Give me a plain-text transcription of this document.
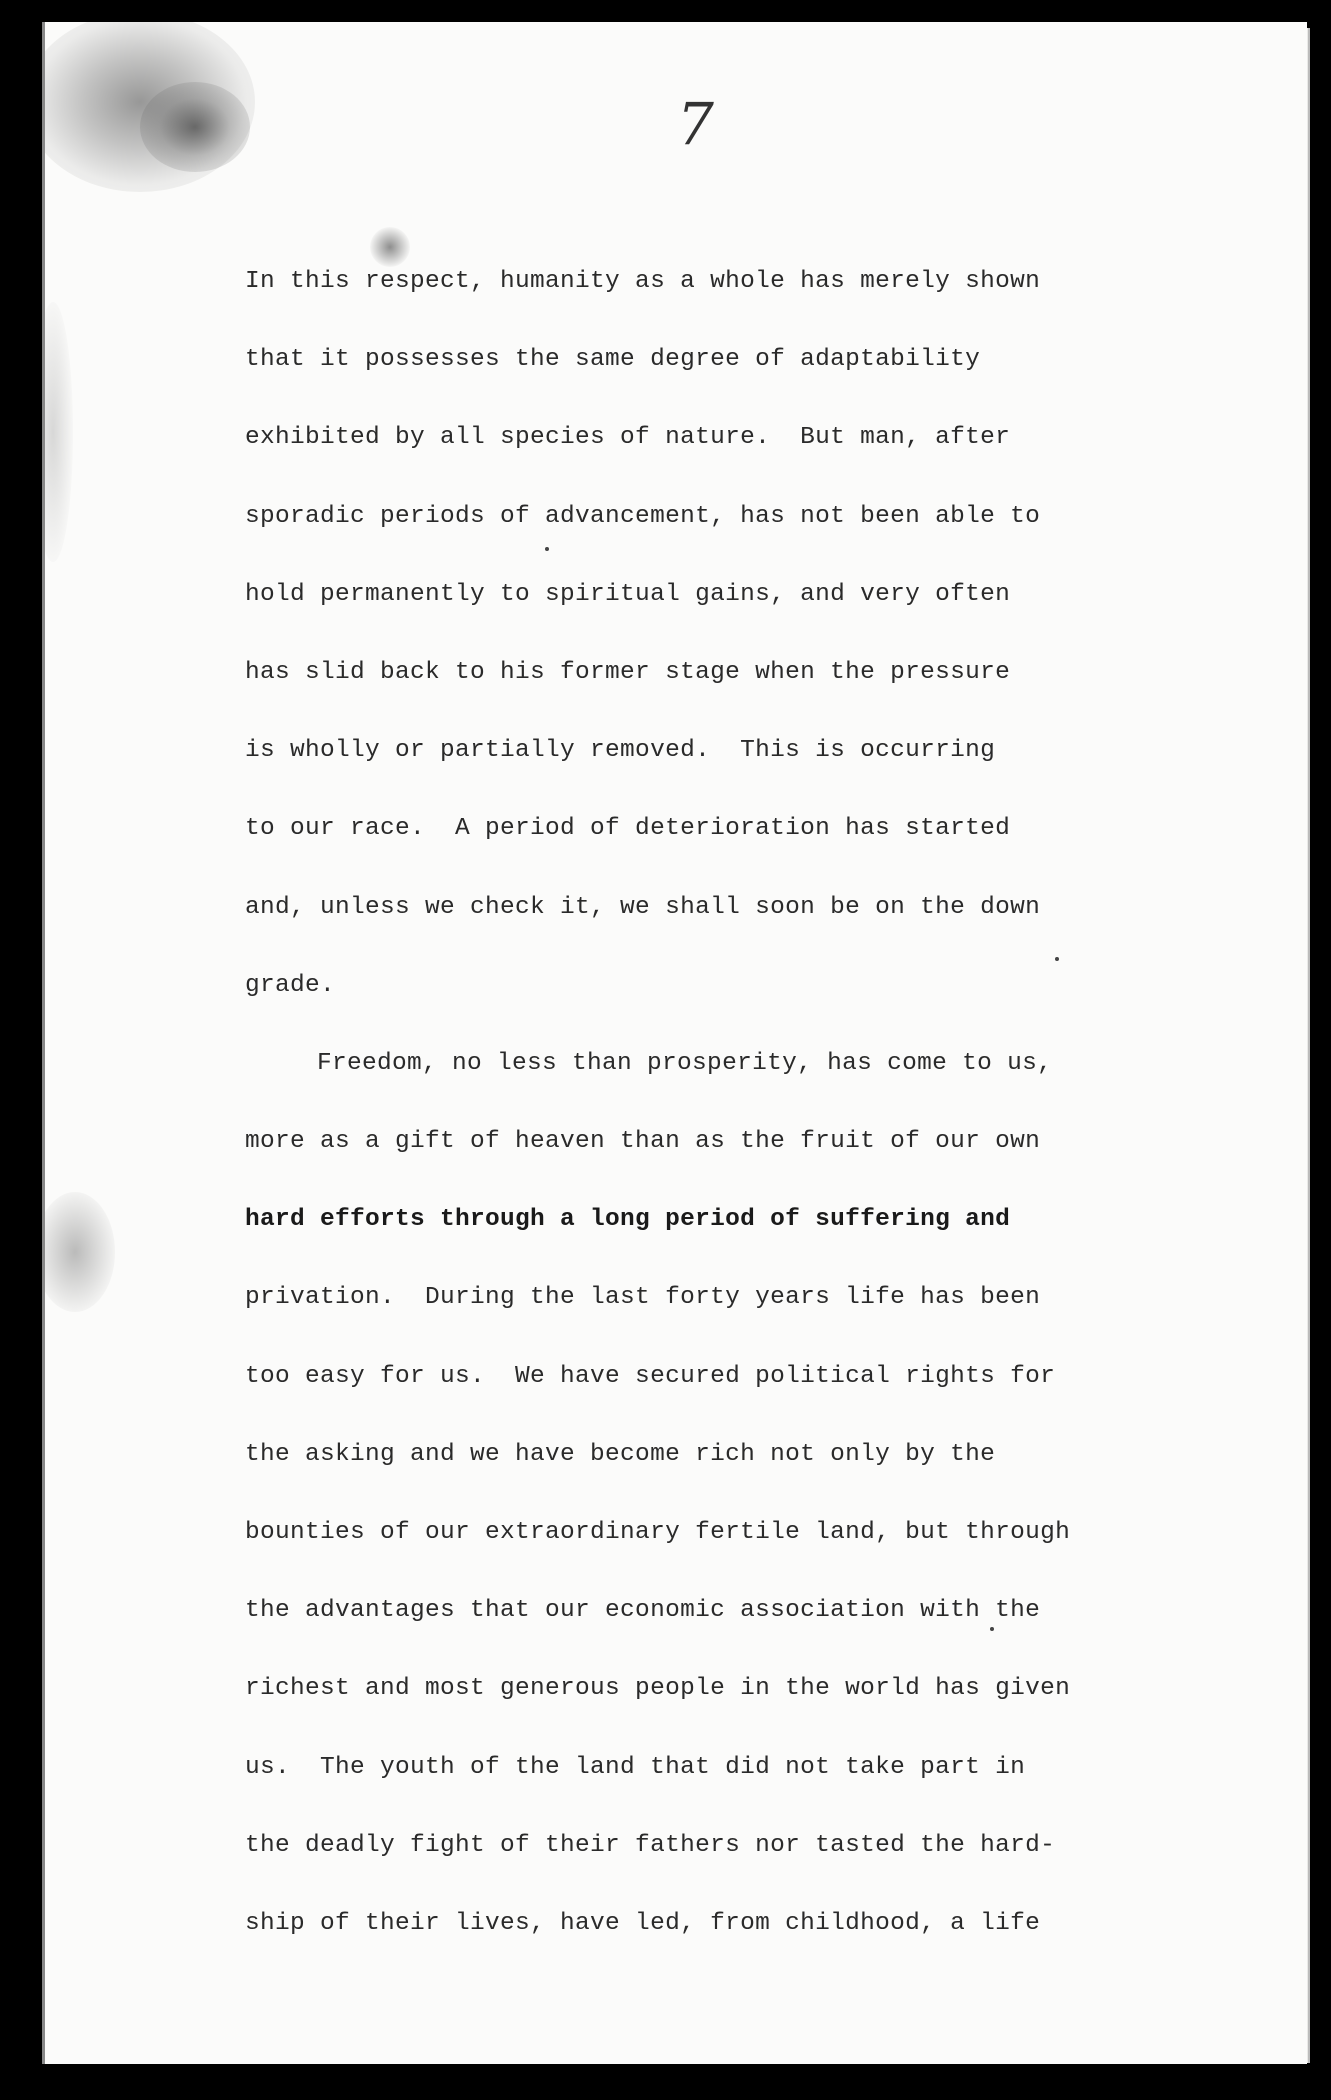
7
In this respect, humanity as a whole has merely shown
that it possesses the same degree of adaptability
exhibited by all species of nature.  But man, after
sporadic periods of advancement, has not been able to
hold permanently to spiritual gains, and very often
has slid back to his former stage when the pressure
is wholly or partially removed.  This is occurring
to our race.  A period of deterioration has started
and, unless we check it, we shall soon be on the down
grade.
Freedom, no less than prosperity, has come to us,
more as a gift of heaven than as the fruit of our own
hard efforts through a long period of suffering and
privation.  During the last forty years life has been
too easy for us.  We have secured political rights for
the asking and we have become rich not only by the
bounties of our extraordinary fertile land, but through
the advantages that our economic association with the
richest and most generous people in the world has given
us.  The youth of the land that did not take part in
the deadly fight of their fathers nor tasted the hard-
ship of their lives, have led, from childhood, a life
